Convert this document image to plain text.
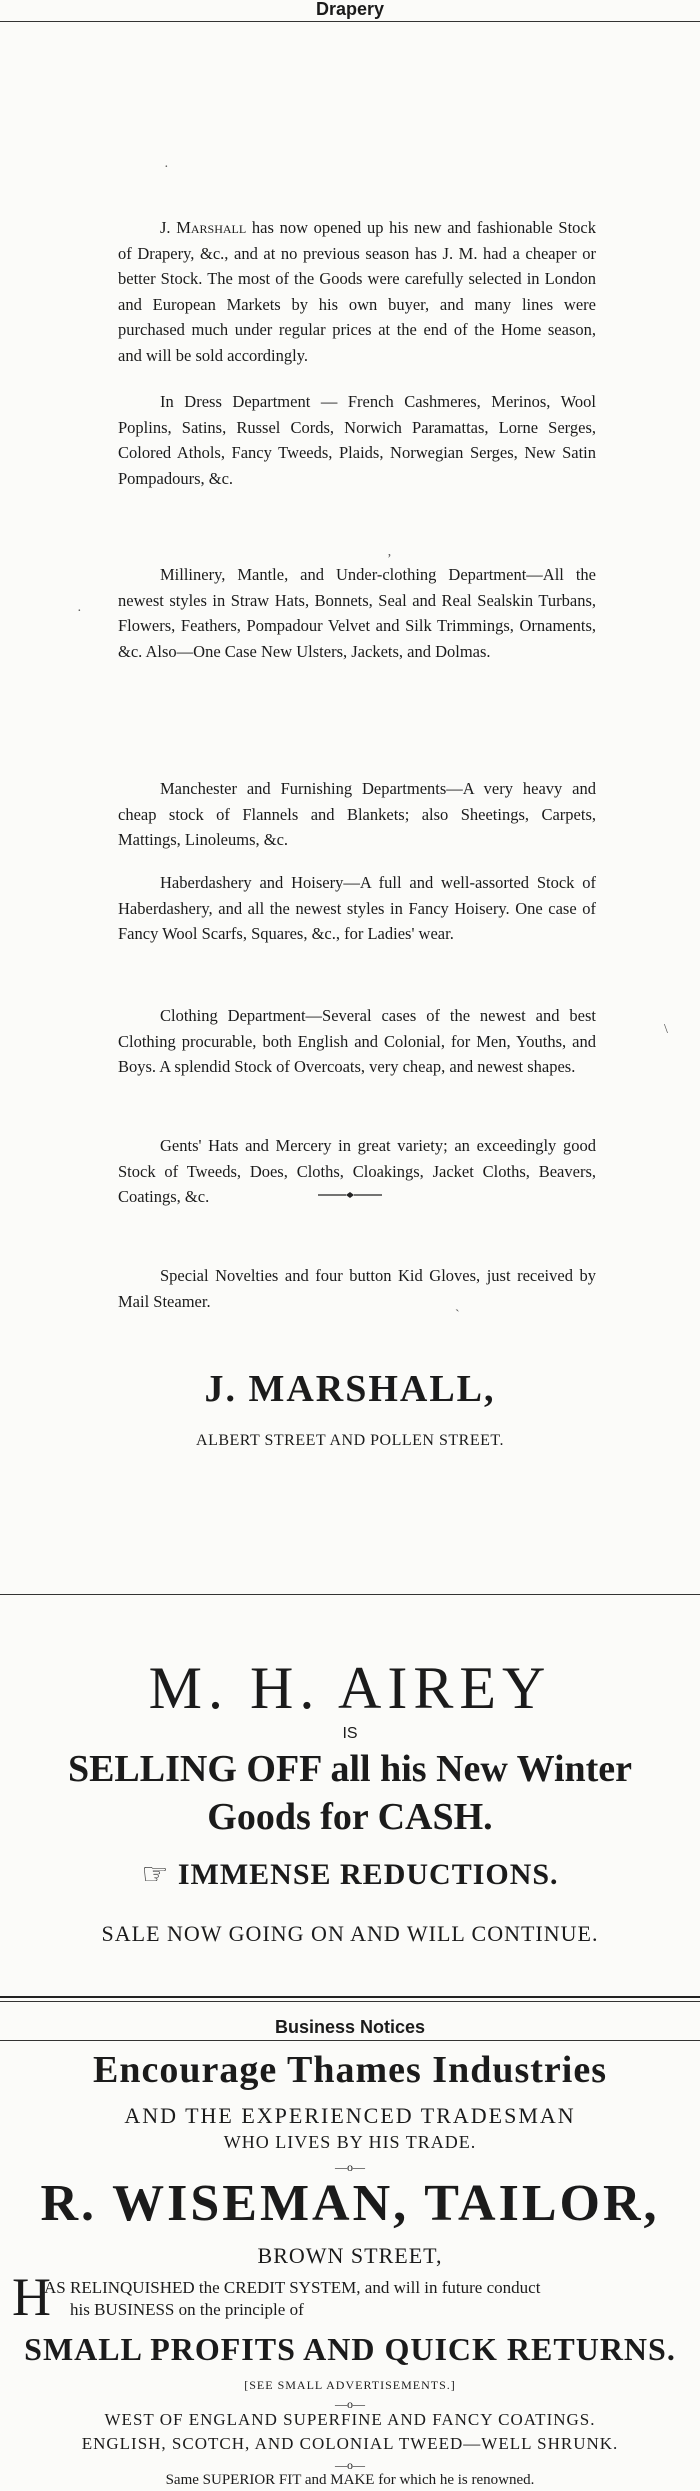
Drapery
J. Marshall has now opened up his new and fashionable Stock of Drapery, &c., and at no previous season has J. M. had a cheaper or better Stock. The most of the Goods were carefully selected in London and European Markets by his own buyer, and many lines were purchased much under regular prices at the end of the Home season, and will be sold accordingly.
In Dress Department — French Cashmeres, Merinos, Wool Poplins, Satins, Russel Cords, Norwich Paramattas, Lorne Serges, Colored Athols, Fancy Tweeds, Plaids, Norwegian Serges, New Satin Pompadours, &c.
Millinery, Mantle, and Under-clothing Department—All the newest styles in Straw Hats, Bonnets, Seal and Real Sealskin Turbans, Flowers, Feathers, Pompadour Velvet and Silk Trimmings, Ornaments, &c. Also—One Case New Ulsters, Jackets, and Dolmas.
Manchester and Furnishing Departments—A very heavy and cheap stock of Flannels and Blankets; also Sheetings, Carpets, Mattings, Linoleums, &c.
Haberdashery and Hoisery—A full and well-assorted Stock of Haberdashery, and all the newest styles in Fancy Hoisery. One case of Fancy Wool Scarfs, Squares, &c., for Ladies' wear.
Clothing Department—Several cases of the newest and best Clothing procurable, both English and Colonial, for Men, Youths, and Boys. A splendid Stock of Overcoats, very cheap, and newest shapes.
Gents' Hats and Mercery in great variety; an exceedingly good Stock of Tweeds, Does, Cloths, Cloakings, Jacket Cloths, Beavers, Coatings, &c.
Special Novelties and four button Kid Gloves, just received by Mail Steamer.
J. MARSHALL,
ALBERT STREET AND POLLEN STREET.
·
·
ʼ
\
`
M. H. AIREY
IS
SELLING OFF all his New Winter
Goods for CASH.
☞ IMMENSE REDUCTIONS.
SALE NOW GOING ON AND WILL CONTINUE.
Business Notices
Encourage Thames Industries
AND THE EXPERIENCED TRADESMAN
WHO LIVES BY HIS TRADE.
—o—
R. WISEMAN, TAILOR,
BROWN STREET,
H
AS RELINQUISHED the CREDIT SYSTEM, and will in future conduct
his BUSINESS on the principle of
SMALL PROFITS AND QUICK RETURNS.
[SEE SMALL ADVERTISEMENTS.]
—o—
WEST OF ENGLAND SUPERFINE AND FANCY COATINGS.
ENGLISH, SCOTCH, AND COLONIAL TWEED—WELL SHRUNK.
—o—
Same SUPERIOR FIT and MAKE for which he is renowned.
